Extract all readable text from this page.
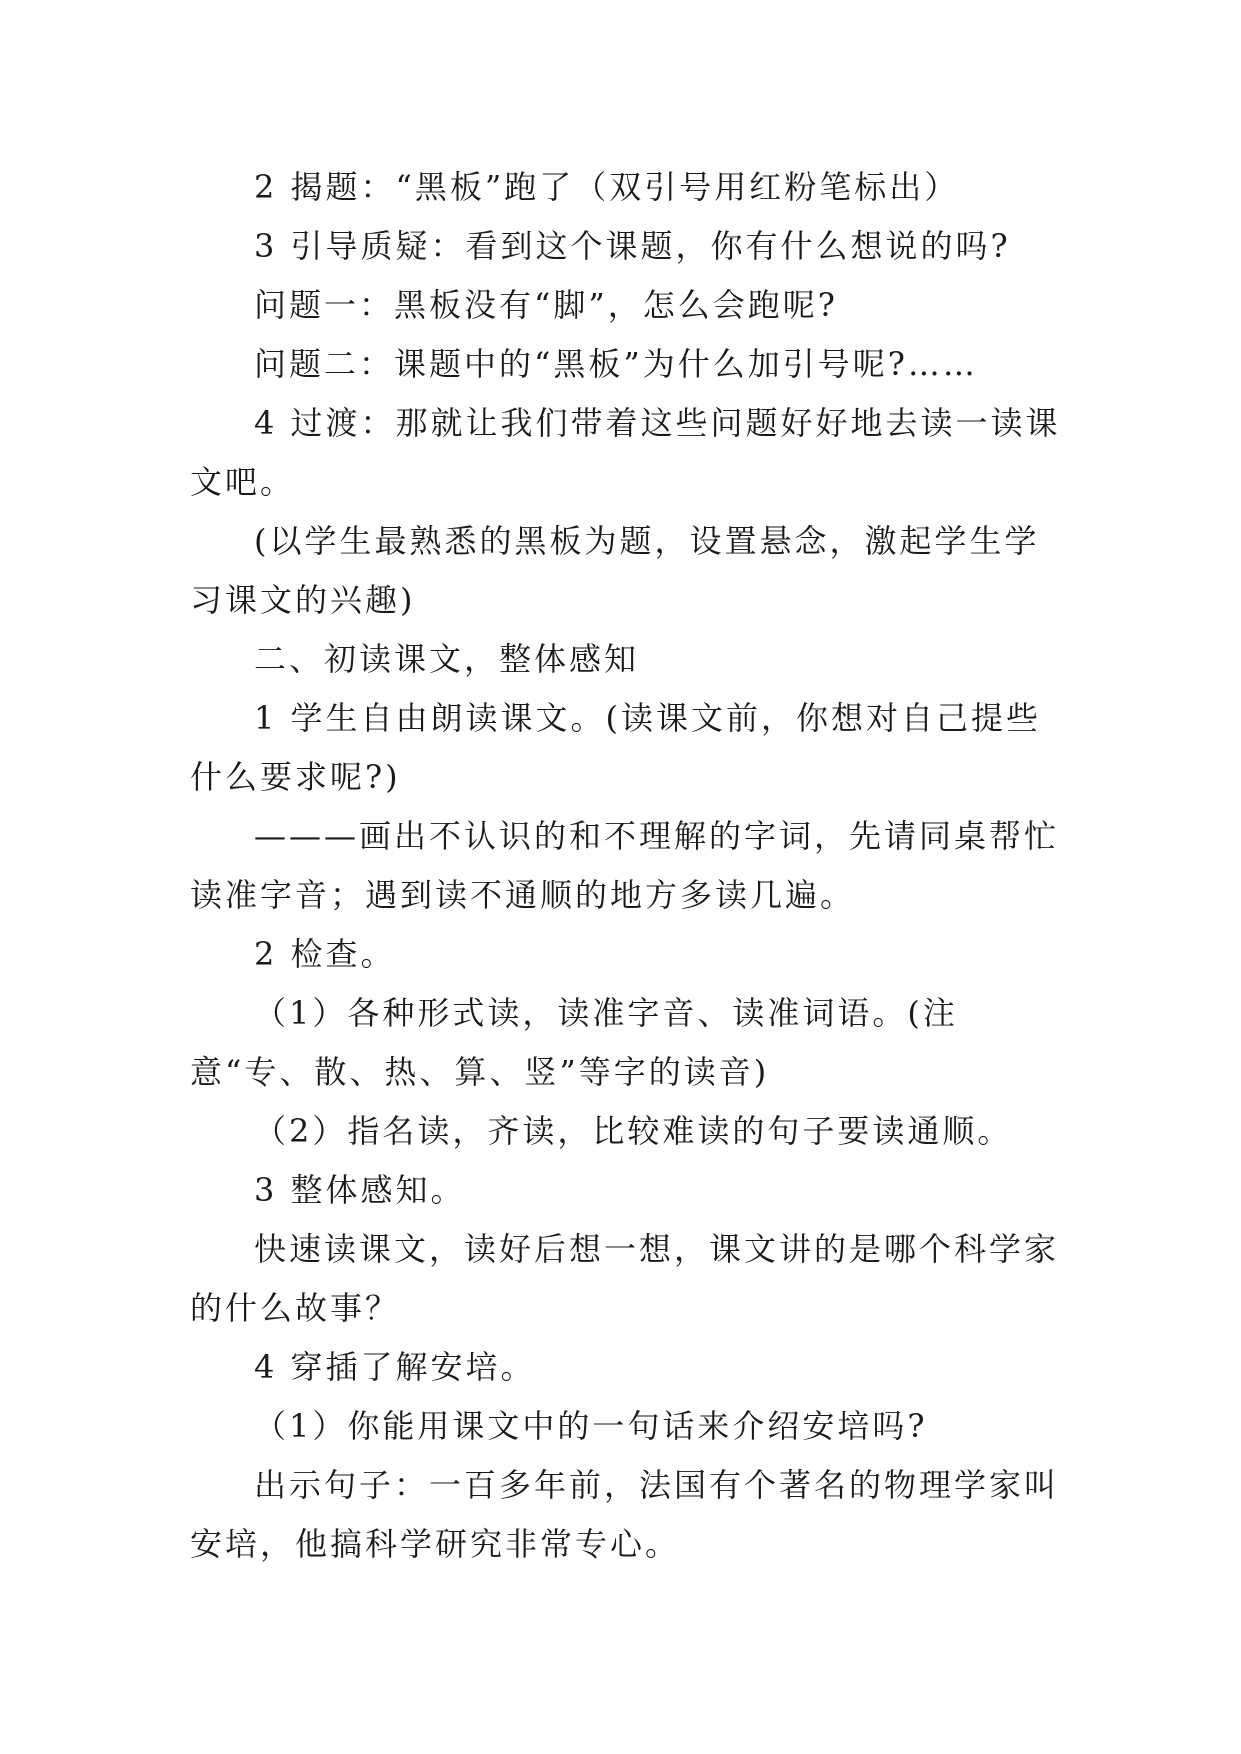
2 揭题：“黑板”跑了（双引号用红粉笔标出）

3 引导质疑：看到这个课题，你有什么想说的吗?

问题一：黑板没有“脚”，怎么会跑呢?

问题二：课题中的“黑板”为什么加引号呢?……

4 过渡：那就让我们带着这些问题好好地去读一读课文吧。

(以学生最熟悉的黑板为题，设置悬念，激起学生学习课文的兴趣)

二、初读课文，整体感知

1 学生自由朗读课文。(读课文前，你想对自己提些什么要求呢?)

———画出不认识的和不理解的字词，先请同桌帮忙读准字音；遇到读不通顺的地方多读几遍。

2 检查。

（1）各种形式读，读准字音、读准词语。(注意“专、散、热、算、竖”等字的读音)

（2）指名读，齐读，比较难读的句子要读通顺。

3 整体感知。

快速读课文，读好后想一想，课文讲的是哪个科学家的什么故事？

4 穿插了解安培。

（1）你能用课文中的一句话来介绍安培吗?

出示句子：一百多年前，法国有个著名的物理学家叫安培，他搞科学研究非常专心。
